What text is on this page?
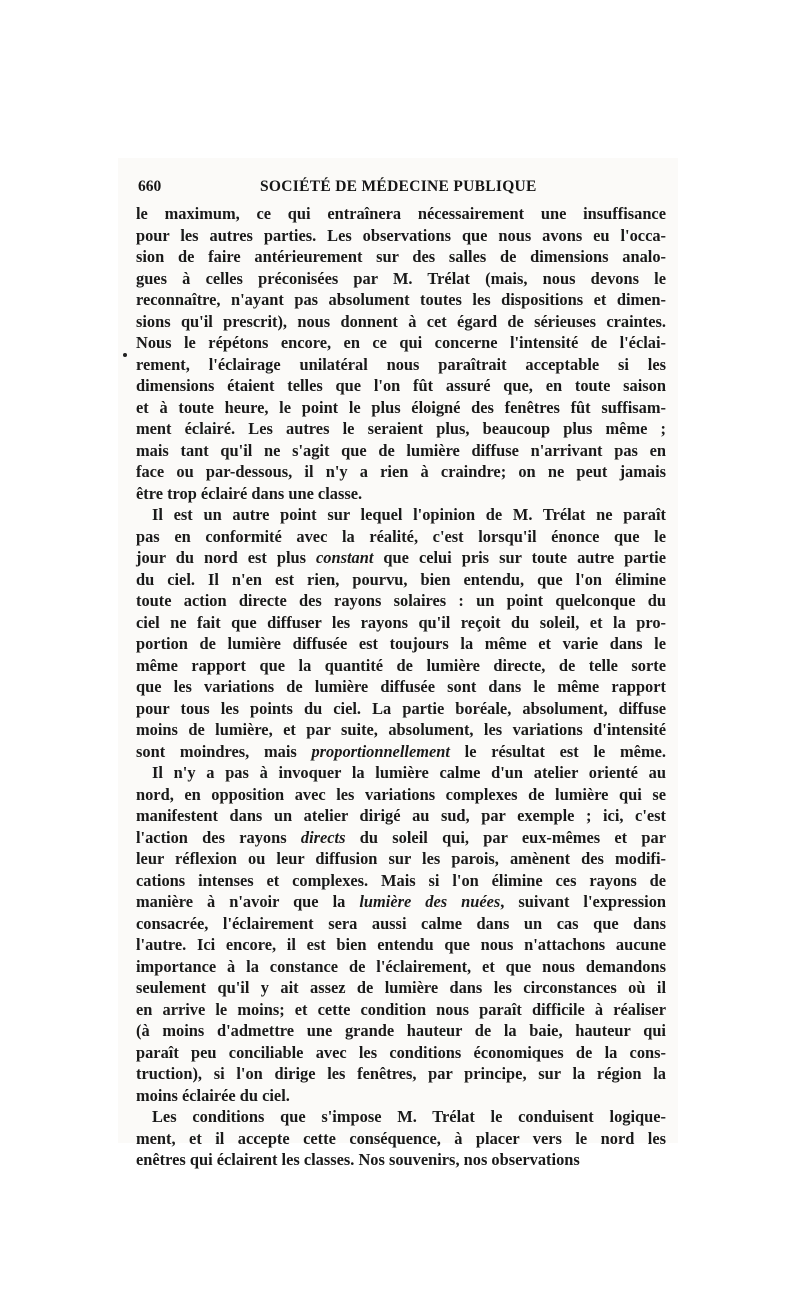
660	SOCIÉTÉ DE MÉDECINE PUBLIQUE
le maximum, ce qui entraînera nécessairement une insuffisance
pour les autres parties. Les observations que nous avons eu l'occa-
sion de faire antérieurement sur des salles de dimensions analo-
gues à celles préconisées par M. Trélat (mais, nous devons le
reconnaître, n'ayant pas absolument toutes les dispositions et dimen-
sions qu'il prescrit), nous donnent à cet égard de sérieuses craintes.
Nous le répétons encore, en ce qui concerne l'intensité de l'éclai-
rement, l'éclairage unilatéral nous paraîtrait acceptable si les
dimensions étaient telles que l'on fût assuré que, en toute saison
et à toute heure, le point le plus éloigné des fenêtres fût suffisam-
ment éclairé. Les autres le seraient plus, beaucoup plus même ;
mais tant qu'il ne s'agit que de lumière diffuse n'arrivant pas en
face ou par-dessous, il n'y a rien à craindre; on ne peut jamais
être trop éclairé dans une classe.
Il est un autre point sur lequel l'opinion de M. Trélat ne paraît
pas en conformité avec la réalité, c'est lorsqu'il énonce que le
jour du nord est plus constant que celui pris sur toute autre partie
du ciel. Il n'en est rien, pourvu, bien entendu, que l'on élimine
toute action directe des rayons solaires : un point quelconque du
ciel ne fait que diffuser les rayons qu'il reçoit du soleil, et la pro-
portion de lumière diffusée est toujours la même et varie dans le
même rapport que la quantité de lumière directe, de telle sorte
que les variations de lumière diffusée sont dans le même rapport
pour tous les points du ciel. La partie boréale, absolument, diffuse
moins de lumière, et par suite, absolument, les variations d'intensité
sont moindres, mais proportionnellement le résultat est le même.
Il n'y a pas à invoquer la lumière calme d'un atelier orienté au
nord, en opposition avec les variations complexes de lumière qui se
manifestent dans un atelier dirigé au sud, par exemple ; ici, c'est
l'action des rayons directs du soleil qui, par eux-mêmes et par
leur réflexion ou leur diffusion sur les parois, amènent des modifi-
cations intenses et complexes. Mais si l'on élimine ces rayons de
manière à n'avoir que la lumière des nuées, suivant l'expression
consacrée, l'éclairement sera aussi calme dans un cas que dans
l'autre. Ici encore, il est bien entendu que nous n'attachons aucune
importance à la constance de l'éclairement, et que nous demandons
seulement qu'il y ait assez de lumière dans les circonstances où il
en arrive le moins; et cette condition nous paraît difficile à réaliser
(à moins d'admettre une grande hauteur de la baie, hauteur qui
paraît peu conciliable avec les conditions économiques de la cons-
truction), si l'on dirige les fenêtres, par principe, sur la région la
moins éclairée du ciel.
Les conditions que s'impose M. Trélat le conduisent logique-
ment, et il accepte cette conséquence, à placer vers le nord les
enêtres qui éclairent les classes. Nos souvenirs, nos observations
